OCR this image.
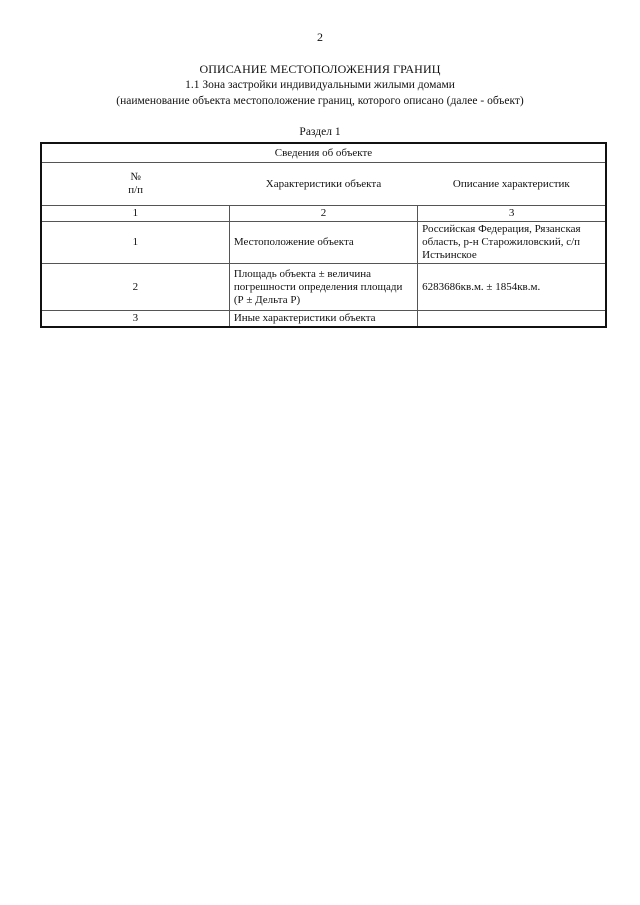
2
ОПИСАНИЕ МЕСТОПОЛОЖЕНИЯ ГРАНИЦ
1.1 Зона застройки индивидуальными жилыми домами
(наименование объекта местоположение границ, которого описано (далее - объект)
Раздел 1
Сведения об объекте		
№
п/п	Характеристики объекта	Описание характеристик
1	2	3
1	Местоположение объекта	Российская Федерация, Рязанская область, р-н Старожиловский, с/п Истьинское
2	Площадь объекта ± величина погрешности определения площади (Р ± Дельта Р)	6283686кв.м. ± 1854кв.м.
3	Иные характеристики объекта	
